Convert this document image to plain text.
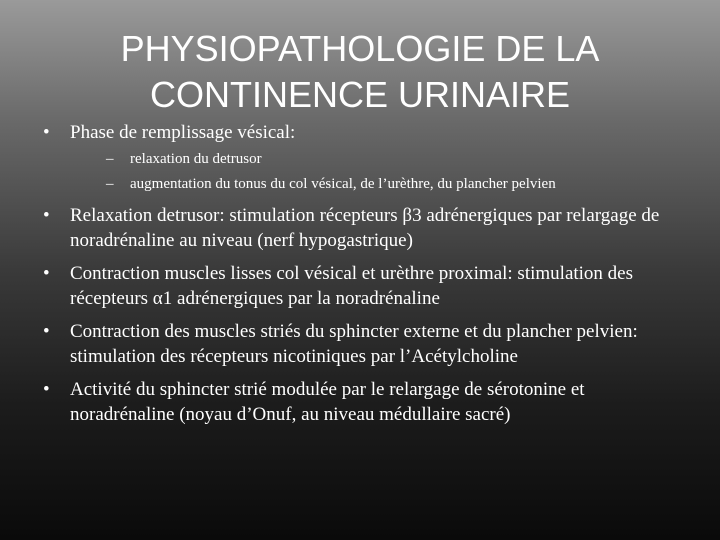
PHYSIOPATHOLOGIE DE LA
CONTINENCE URINAIRE
• Phase de remplissage vésical:
– relaxation du detrusor
– augmentation du tonus du col vésical, de l’urèthre, du plancher pelvien
• Relaxation detrusor: stimulation récepteurs β3 adrénergiques par relargage de noradrénaline au niveau (nerf hypogastrique)
• Contraction muscles lisses col vésical et urèthre proximal: stimulation des récepteurs α1 adrénergiques par la noradrénaline
• Contraction des muscles striés du sphincter externe et du plancher pelvien: stimulation des récepteurs nicotiniques par l’Acétylcholine
• Activité du sphincter strié modulée par le relargage de sérotonine et noradrénaline (noyau d’Onuf, au niveau médullaire sacré)
